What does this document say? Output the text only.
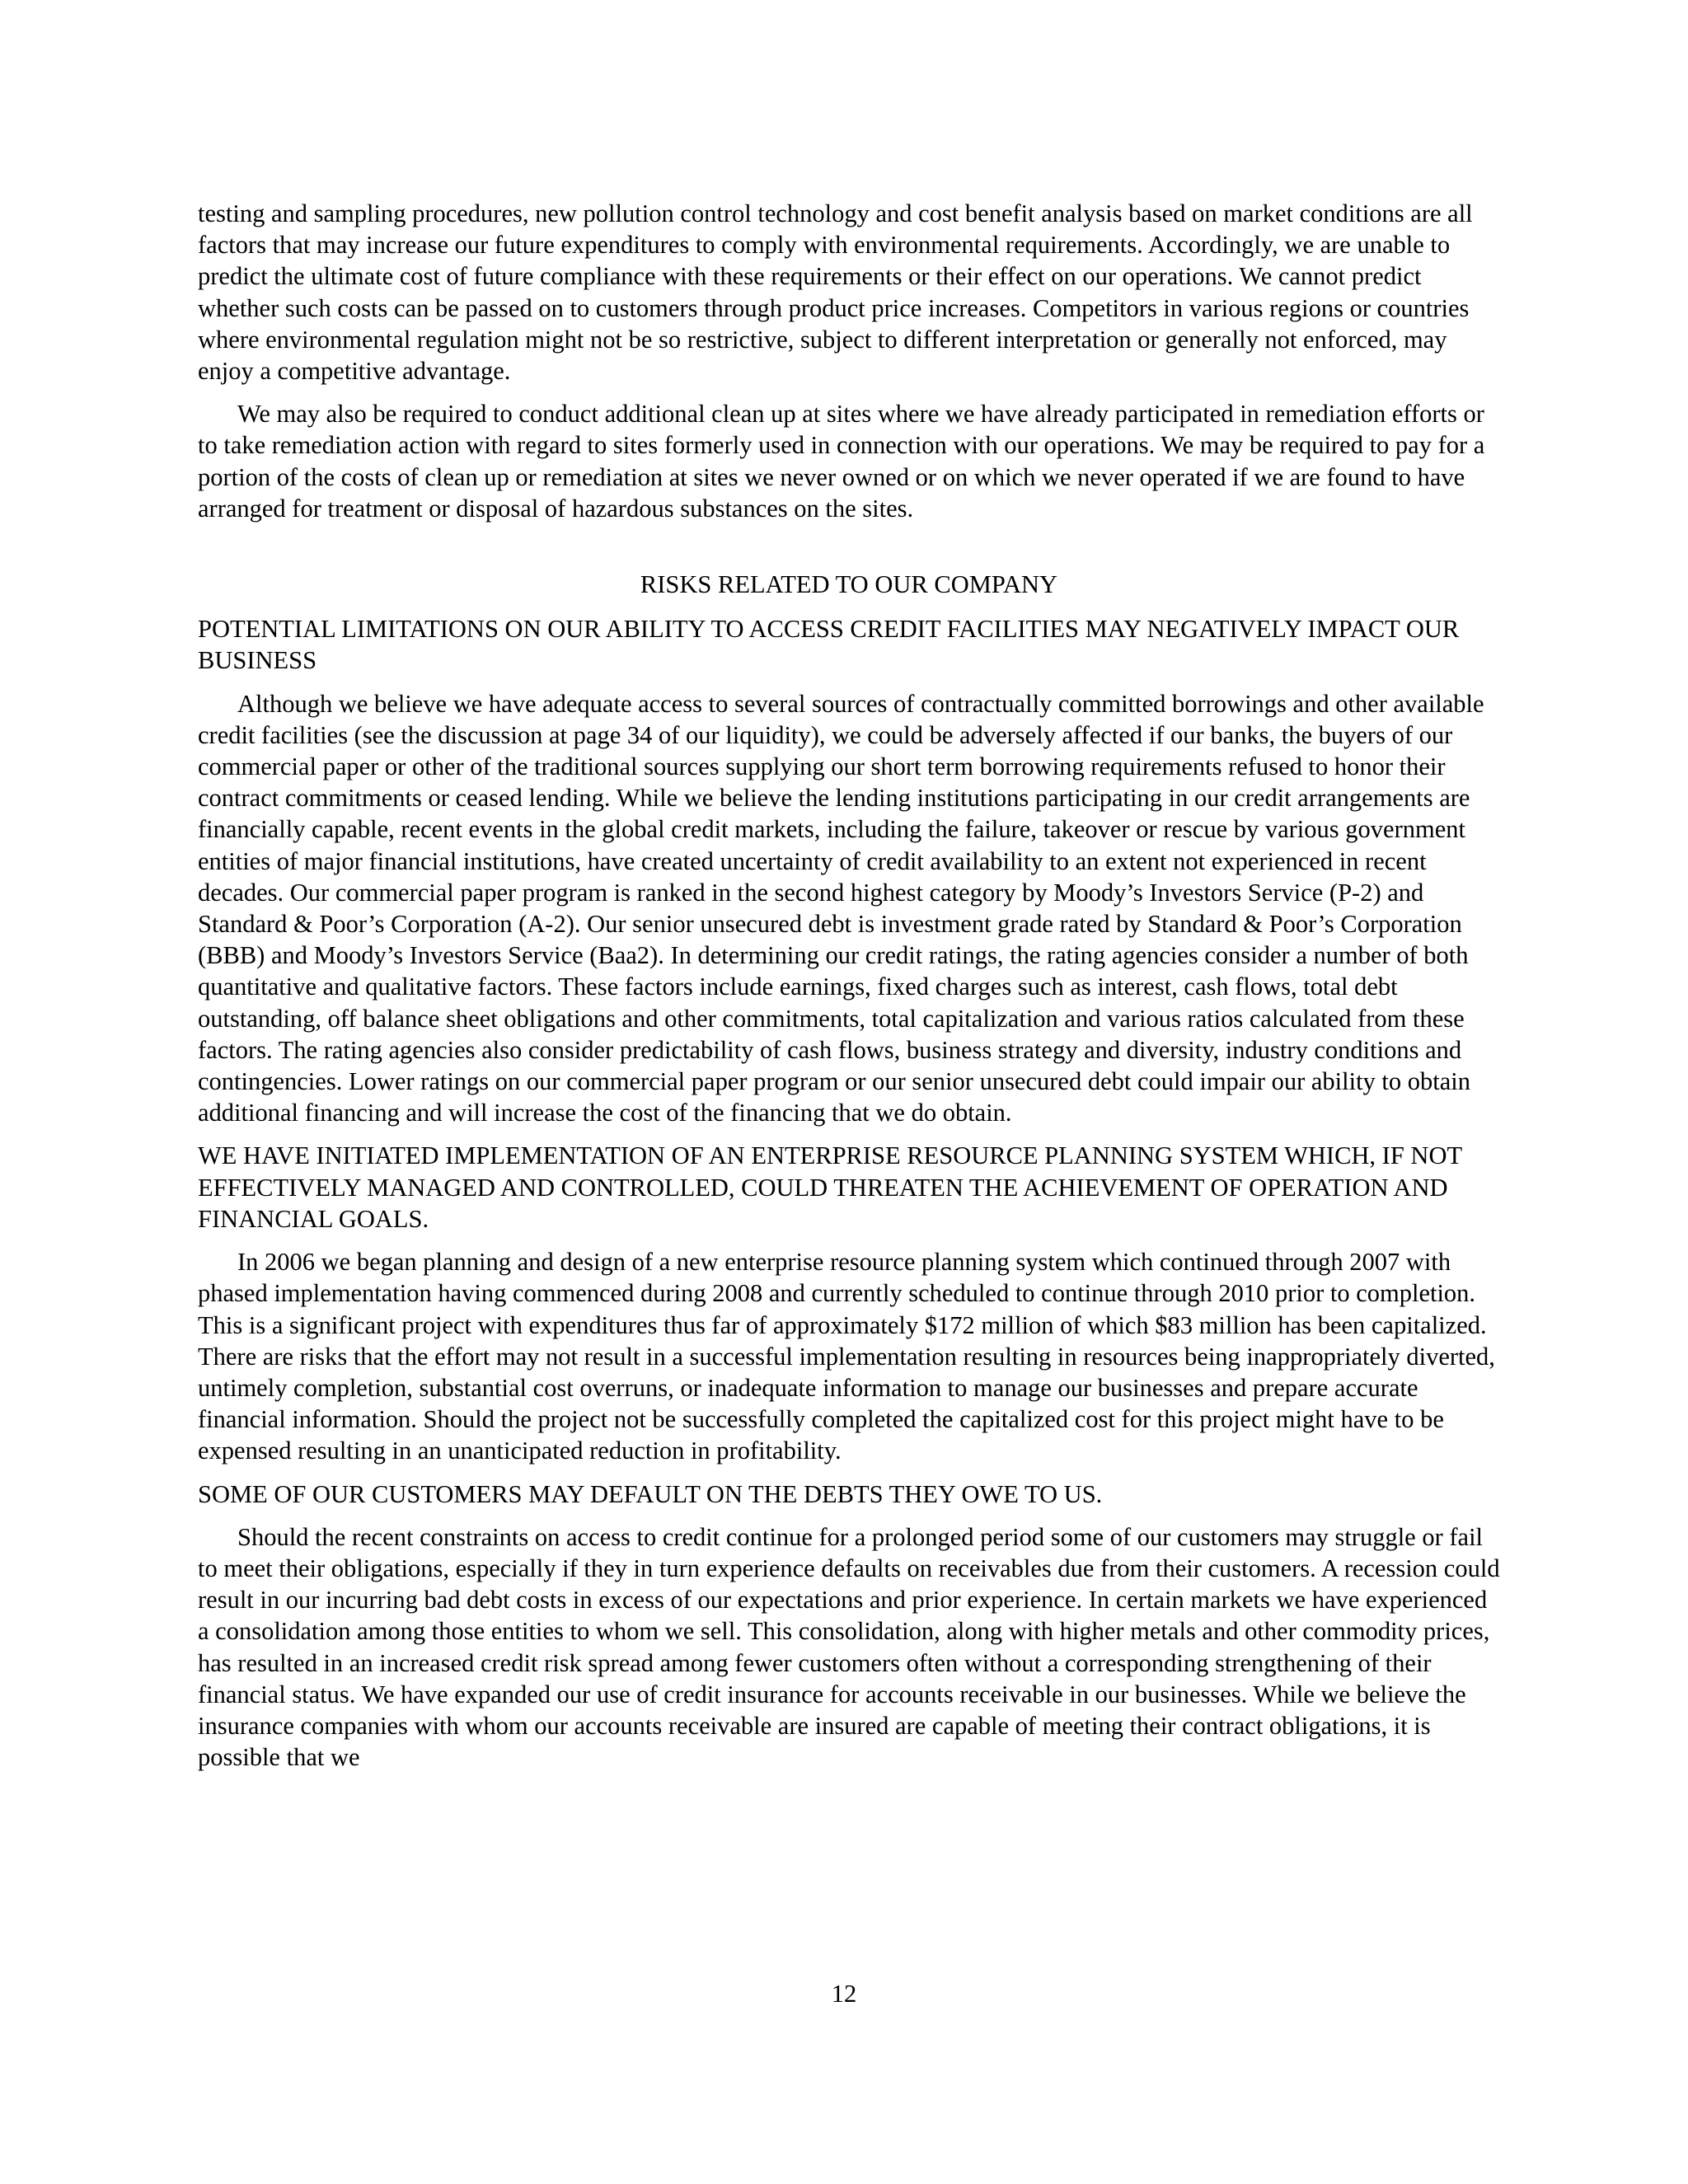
testing and sampling procedures, new pollution control technology and cost benefit analysis based on market conditions are all factors that may increase our future expenditures to comply with environmental requirements. Accordingly, we are unable to predict the ultimate cost of future compliance with these requirements or their effect on our operations. We cannot predict whether such costs can be passed on to customers through product price increases. Competitors in various regions or countries where environmental regulation might not be so restrictive, subject to different interpretation or generally not enforced, may enjoy a competitive advantage.

We may also be required to conduct additional clean up at sites where we have already participated in remediation efforts or to take remediation action with regard to sites formerly used in connection with our operations. We may be required to pay for a portion of the costs of clean up or remediation at sites we never owned or on which we never operated if we are found to have arranged for treatment or disposal of hazardous substances on the sites.

RISKS RELATED TO OUR COMPANY
POTENTIAL LIMITATIONS ON OUR ABILITY TO ACCESS CREDIT FACILITIES MAY NEGATIVELY IMPACT OUR BUSINESS

Although we believe we have adequate access to several sources of contractually committed borrowings and other available credit facilities (see the discussion at page 34 of our liquidity), we could be adversely affected if our banks, the buyers of our commercial paper or other of the traditional sources supplying our short term borrowing requirements refused to honor their contract commitments or ceased lending. While we believe the lending institutions participating in our credit arrangements are financially capable, recent events in the global credit markets, including the failure, takeover or rescue by various government entities of major financial institutions, have created uncertainty of credit availability to an extent not experienced in recent decades. Our commercial paper program is ranked in the second highest category by Moody’s Investors Service (P-2) and Standard & Poor’s Corporation (A-2). Our senior unsecured debt is investment grade rated by Standard & Poor’s Corporation (BBB) and Moody’s Investors Service (Baa2). In determining our credit ratings, the rating agencies consider a number of both quantitative and qualitative factors. These factors include earnings, fixed charges such as interest, cash flows, total debt outstanding, off balance sheet obligations and other commitments, total capitalization and various ratios calculated from these factors. The rating agencies also consider predictability of cash flows, business strategy and diversity, industry conditions and contingencies. Lower ratings on our commercial paper program or our senior unsecured debt could impair our ability to obtain additional financing and will increase the cost of the financing that we do obtain.

WE HAVE INITIATED IMPLEMENTATION OF AN ENTERPRISE RESOURCE PLANNING SYSTEM WHICH, IF NOT EFFECTIVELY MANAGED AND CONTROLLED, COULD THREATEN THE ACHIEVEMENT OF OPERATION AND FINANCIAL GOALS.

In 2006 we began planning and design of a new enterprise resource planning system which continued through 2007 with phased implementation having commenced during 2008 and currently scheduled to continue through 2010 prior to completion. This is a significant project with expenditures thus far of approximately $172 million of which $83 million has been capitalized. There are risks that the effort may not result in a successful implementation resulting in resources being inappropriately diverted, untimely completion, substantial cost overruns, or inadequate information to manage our businesses and prepare accurate financial information. Should the project not be successfully completed the capitalized cost for this project might have to be expensed resulting in an unanticipated reduction in profitability.

SOME OF OUR CUSTOMERS MAY DEFAULT ON THE DEBTS THEY OWE TO US.

Should the recent constraints on access to credit continue for a prolonged period some of our customers may struggle or fail to meet their obligations, especially if they in turn experience defaults on receivables due from their customers. A recession could result in our incurring bad debt costs in excess of our expectations and prior experience. In certain markets we have experienced a consolidation among those entities to whom we sell. This consolidation, along with higher metals and other commodity prices, has resulted in an increased credit risk spread among fewer customers often without a corresponding strengthening of their financial status. We have expanded our use of credit insurance for accounts receivable in our businesses. While we believe the insurance companies with whom our accounts receivable are insured are capable of meeting their contract obligations, it is possible that we

12
